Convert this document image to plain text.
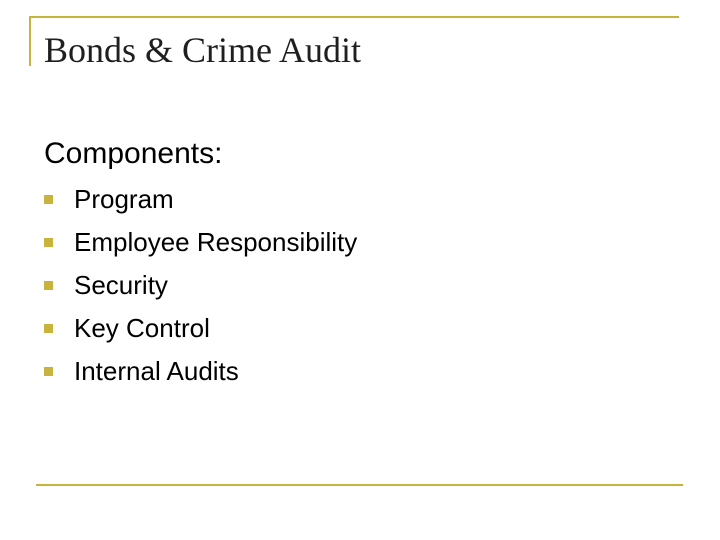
Bonds & Crime Audit
Components:
Program
Employee Responsibility
Security
Key Control
Internal Audits
